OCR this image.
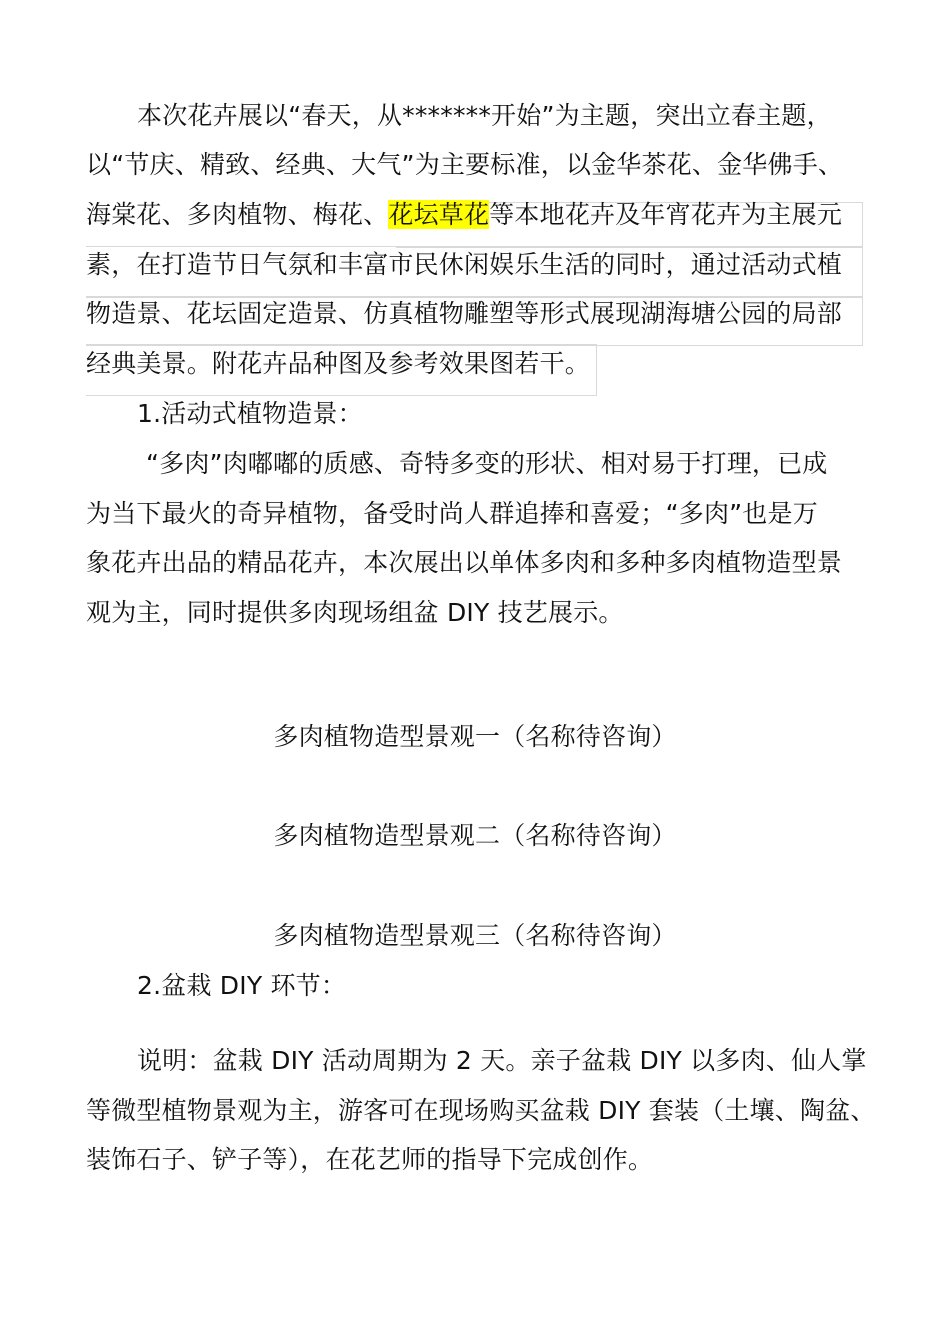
本次花卉展以“春天，从*******开始”为主题，突出立春主题，
以“节庆、精致、经典、大气”为主要标准，以金华茶花、金华佛手、
海棠花、多肉植物、梅花、花坛草花等本地花卉及年宵花卉为主展元
素，在打造节日气氛和丰富市民休闲娱乐生活的同时，通过活动式植
物造景、花坛固定造景、仿真植物雕塑等形式展现湖海塘公园的局部
经典美景。附花卉品种图及参考效果图若干。
1.活动式植物造景：
“多肉”肉嘟嘟的质感、奇特多变的形状、相对易于打理，已成
为当下最火的奇异植物，备受时尚人群追捧和喜爱；“多肉”也是万
象花卉出品的精品花卉，本次展出以单体多肉和多种多肉植物造型景
观为主，同时提供多肉现场组盆 DIY 技艺展示。
多肉植物造型景观一（名称待咨询）
多肉植物造型景观二（名称待咨询）
多肉植物造型景观三（名称待咨询）
2.盆栽 DIY 环节：
说明：盆栽 DIY 活动周期为 2 天。亲子盆栽 DIY 以多肉、仙人掌
等微型植物景观为主，游客可在现场购买盆栽 DIY 套装（土壤、陶盆、
装饰石子、铲子等），在花艺师的指导下完成创作。
